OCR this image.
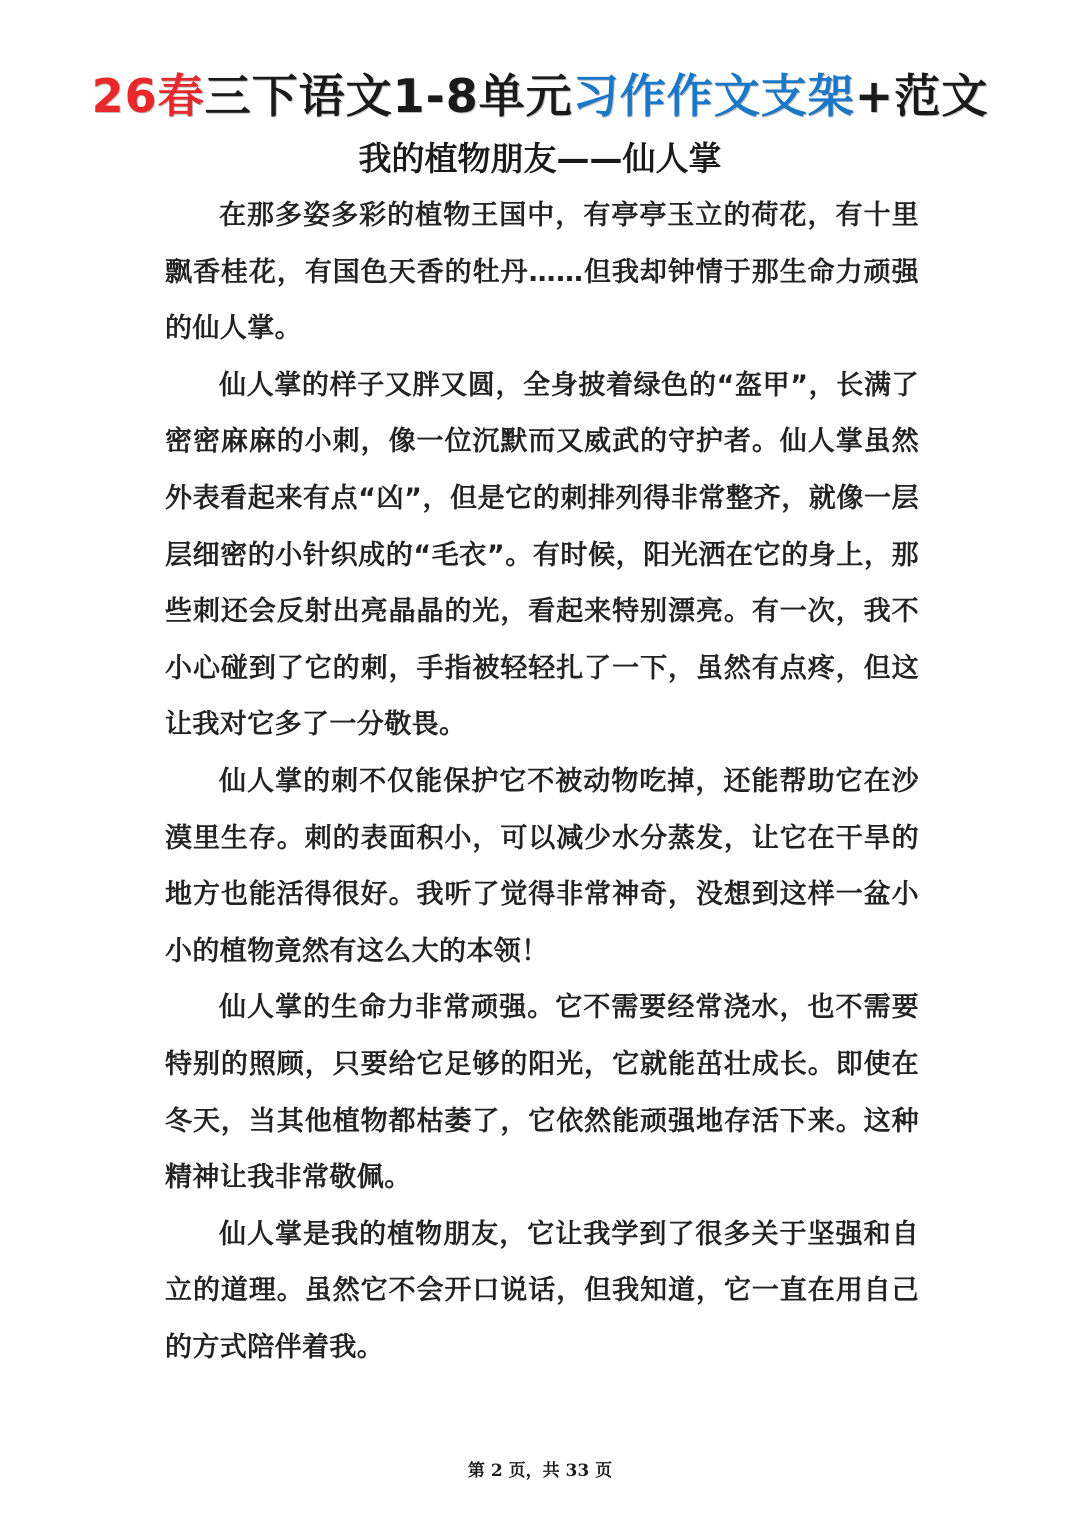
26春三下语文1-8单元习作作文支架+范文
我的植物朋友——仙人掌

在那多姿多彩的植物王国中，有亭亭玉立的荷花，有十里飘香桂花，有国色天香的牡丹……但我却钟情于那生命力顽强的仙人掌。

仙人掌的样子又胖又圆，全身披着绿色的“盔甲”，长满了密密麻麻的小刺，像一位沉默而又威武的守护者。仙人掌虽然外表看起来有点“凶”，但是它的刺排列得非常整齐，就像一层层细密的小针织成的“毛衣”。有时候，阳光洒在它的身上，那些刺还会反射出亮晶晶的光，看起来特别漂亮。有一次，我不小心碰到了它的刺，手指被轻轻扎了一下，虽然有点疼，但这让我对它多了一分敬畏。

仙人掌的刺不仅能保护它不被动物吃掉，还能帮助它在沙漠里生存。刺的表面积小，可以减少水分蒸发，让它在干旱的地方也能活得很好。我听了觉得非常神奇，没想到这样一盆小小的植物竟然有这么大的本领！

仙人掌的生命力非常顽强。它不需要经常浇水，也不需要特别的照顾，只要给它足够的阳光，它就能茁壮成长。即使在冬天，当其他植物都枯萎了，它依然能顽强地存活下来。这种精神让我非常敬佩。

仙人掌是我的植物朋友，它让我学到了很多关于坚强和自立的道理。虽然它不会开口说话，但我知道，它一直在用自己的方式陪伴着我。

第 2 页，共 33 页
